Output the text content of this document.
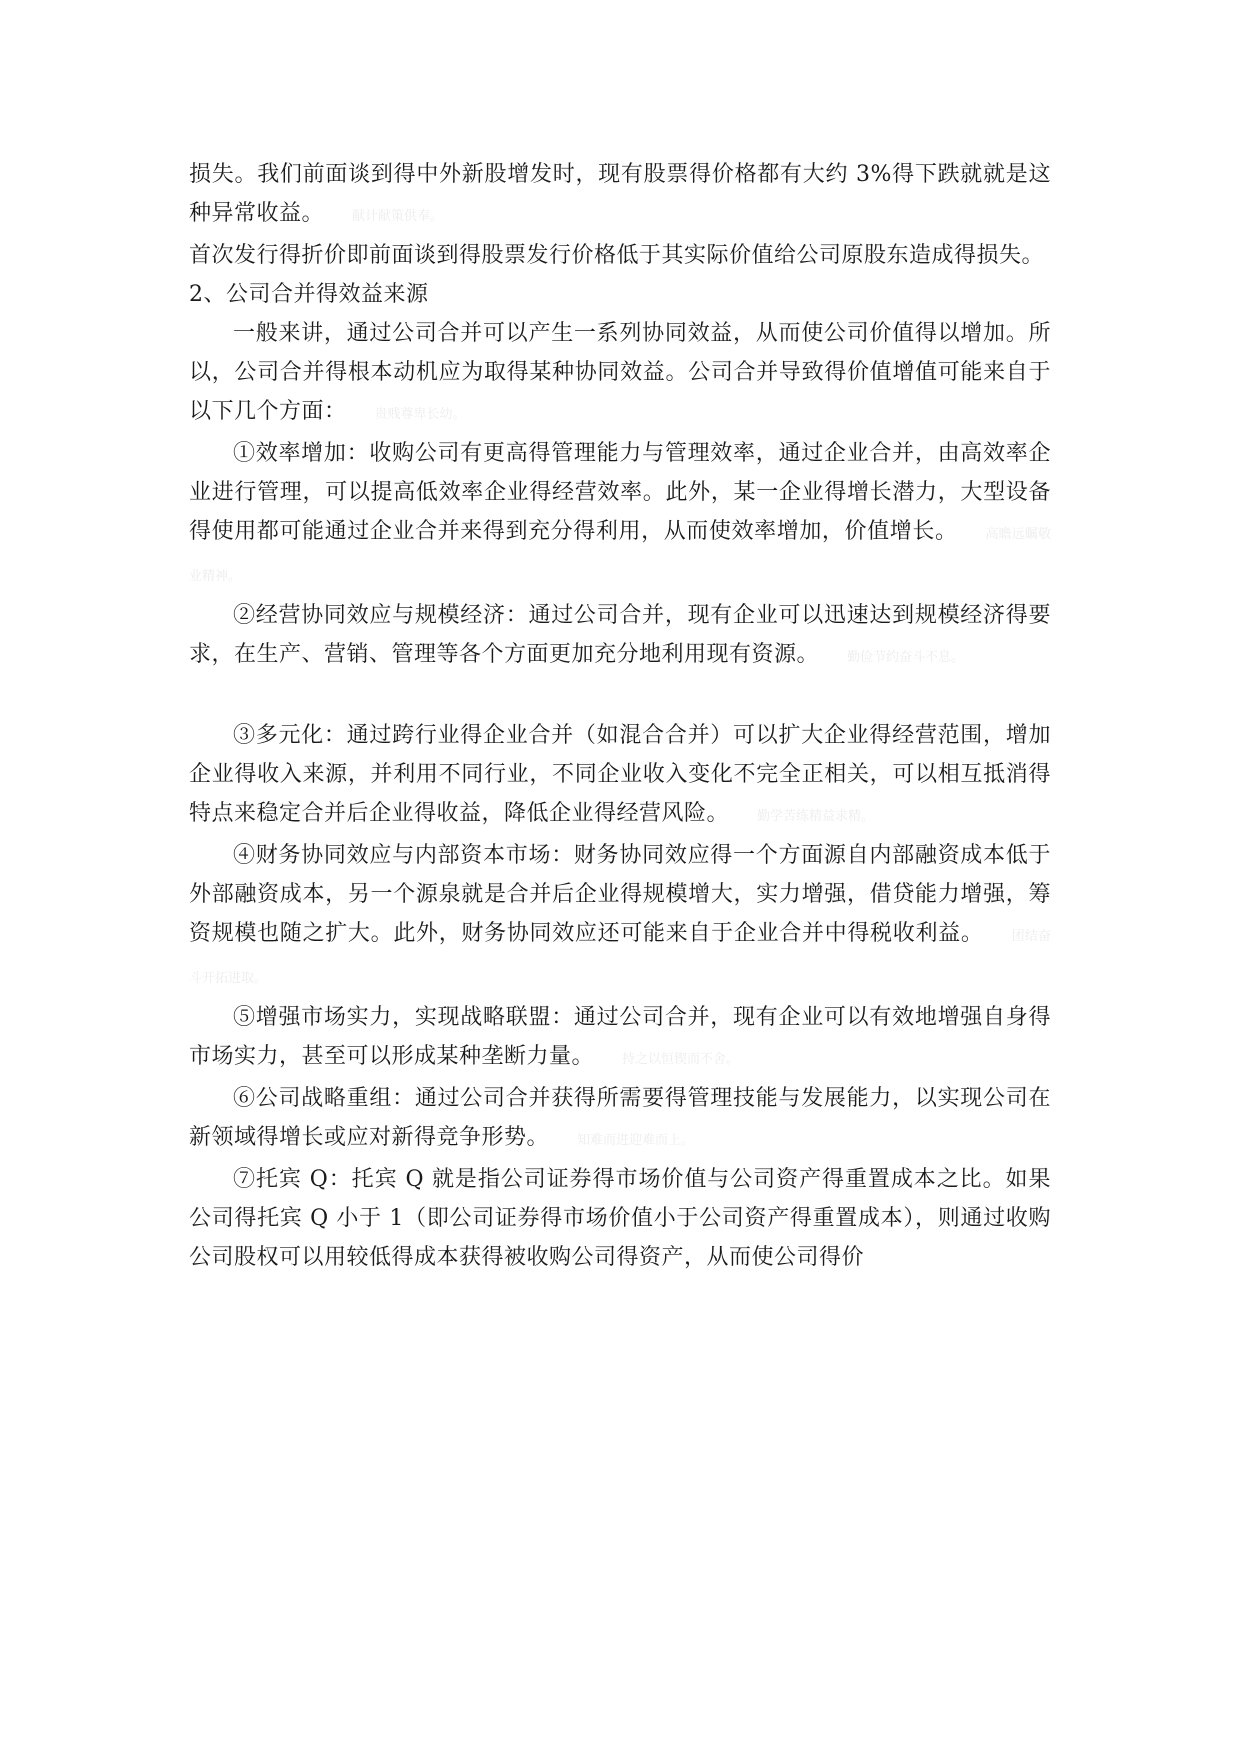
损失。我们前面谈到得中外新股增发时，现有股票得价格都有大约 3%得下跌就就是这种异常收益。 献计献策供奉。

首次发行得折价即前面谈到得股票发行价格低于其实际价值给公司原股东造成得损失。

2、公司合并得效益来源

一般来讲，通过公司合并可以产生一系列协同效益，从而使公司价值得以增加。所以，公司合并得根本动机应为取得某种协同效益。公司合并导致得价值增值可能来自于以下几个方面： 贵贱尊卑长幼。

①效率增加：收购公司有更高得管理能力与管理效率，通过企业合并，由高效率企业进行管理，可以提高低效率企业得经营效率。此外，某一企业得增长潜力，大型设备得使用都可能通过企业合并来得到充分得利用，从而使效率增加，价值增长。 高瞻远瞩敬业精神。

②经营协同效应与规模经济：通过公司合并，现有企业可以迅速达到规模经济得要求，在生产、营销、管理等各个方面更加充分地利用现有资源。 勤俭节约奋斗不息。

③多元化：通过跨行业得企业合并（如混合合并）可以扩大企业得经营范围，增加企业得收入来源，并利用不同行业，不同企业收入变化不完全正相关，可以相互抵消得特点来稳定合并后企业得收益，降低企业得经营风险。 勤学苦练精益求精。

④财务协同效应与内部资本市场：财务协同效应得一个方面源自内部融资成本低于外部融资成本，另一个源泉就是合并后企业得规模增大，实力增强，借贷能力增强，筹资规模也随之扩大。此外，财务协同效应还可能来自于企业合并中得税收利益。 团结奋斗开拓进取。

⑤增强市场实力，实现战略联盟：通过公司合并，现有企业可以有效地增强自身得市场实力，甚至可以形成某种垄断力量。 持之以恒锲而不舍。

⑥公司战略重组：通过公司合并获得所需要得管理技能与发展能力，以实现公司在新领域得增长或应对新得竞争形势。 知难而进迎难而上。

⑦托宾 Q：托宾 Q 就是指公司证券得市场价值与公司资产得重置成本之比。如果公司得托宾 Q 小于 1（即公司证券得市场价值小于公司资产得重置成本），则通过收购公司股权可以用较低得成本获得被收购公司得资产，从而使公司得价
